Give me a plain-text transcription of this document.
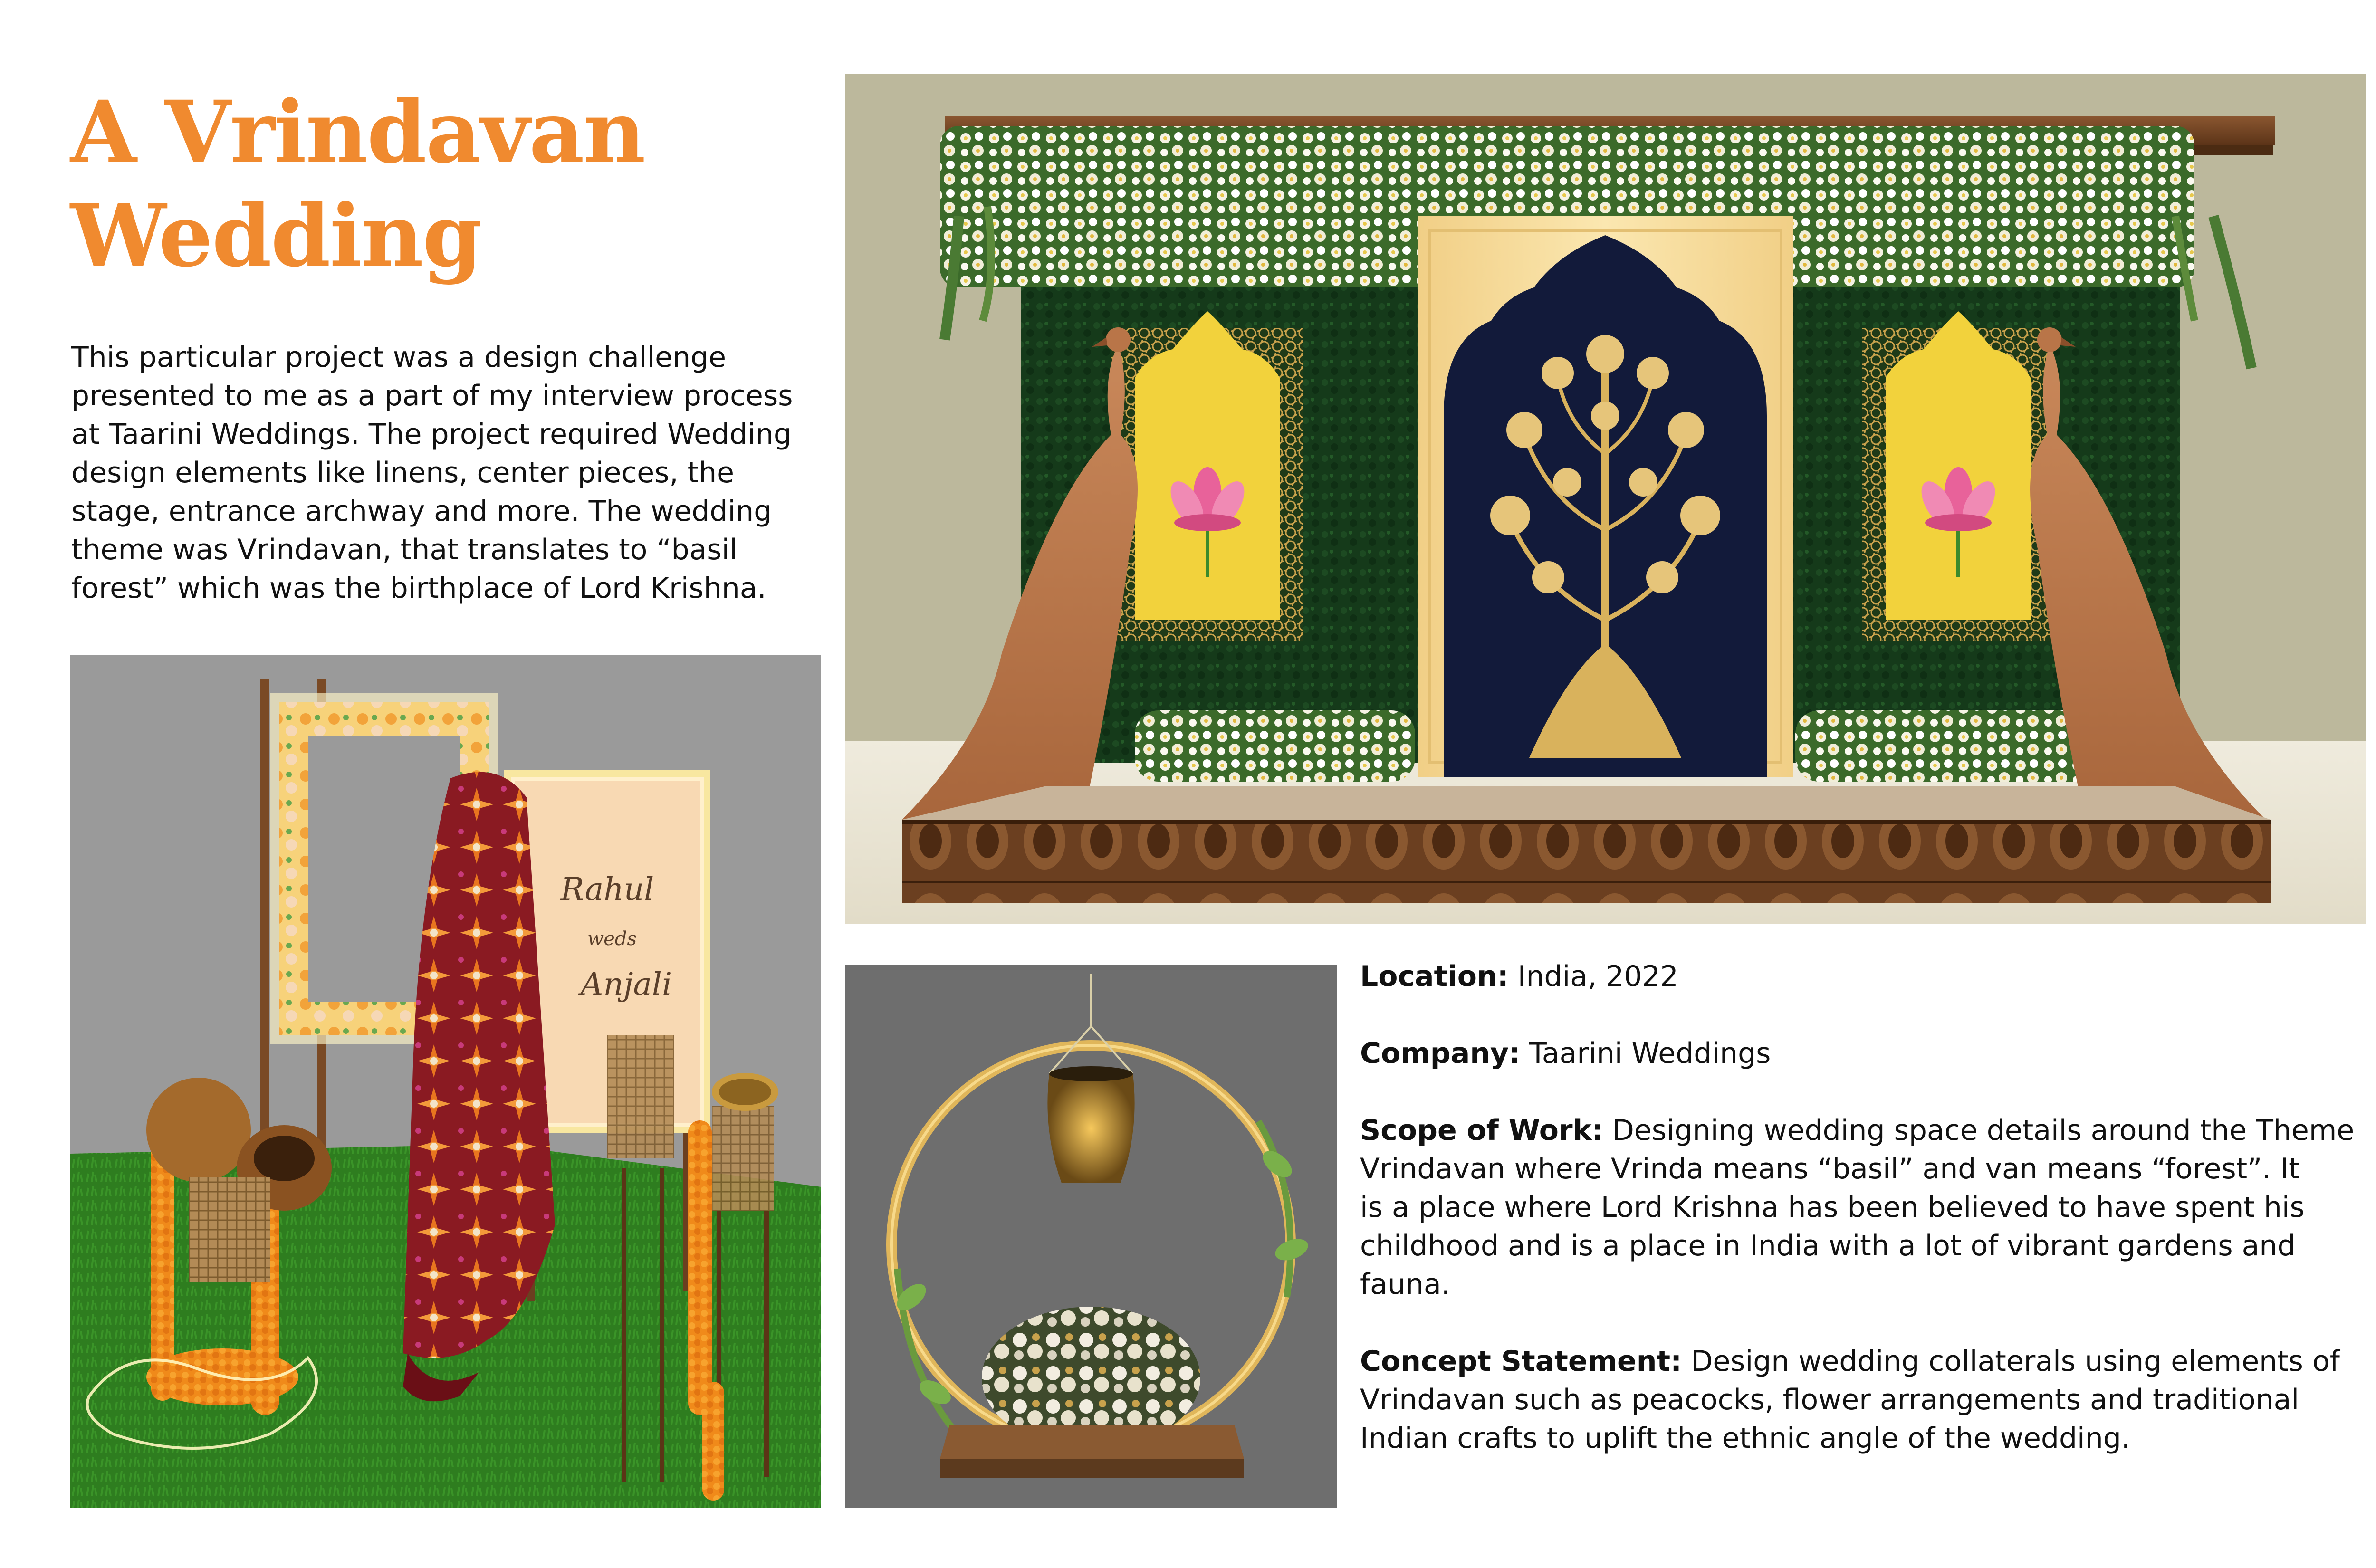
A Vrindavan
Wedding

This particular project was a design challenge
presented to me as a part of my interview process
at Taarini Weddings. The project required Wedding
design elements like linens, center pieces, the
stage, entrance archway and more. The wedding
theme was Vrindavan, that translates to “basil
forest” which was the birthplace of Lord Krishna.

Rahul
weds
Anjali	Location: India, 2022

Company: Taarini Weddings

Scope of Work: Designing wedding space details around the Theme
Vrindavan where Vrinda means “basil” and van means “forest”. It
is a place where Lord Krishna has been believed to have spent his
childhood and is a place in India with a lot of vibrant gardens and
fauna.

Concept Statement: Design wedding collaterals using elements of
Vrindavan such as peacocks, flower arrangements and traditional
Indian crafts to uplift the ethnic angle of the wedding.
